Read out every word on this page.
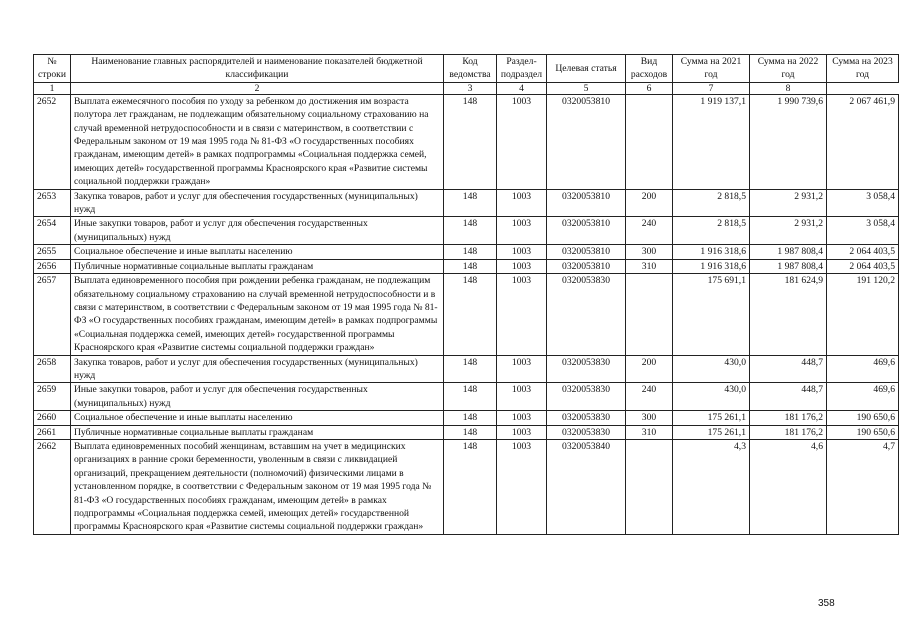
№ строки	Наименование главных распорядителей и наименование показателей бюджетной классификации	Код ведомства	Раздел-подраздел	Целевая статья	Вид расходов	Сумма на 2021 год	Сумма на 2022 год	Сумма на 2023 год
1	2	3	4	5	6	7	8	
2652	Выплата ежемесячного пособия по уходу за ребенком до достижения им возраста полутора лет гражданам, не подлежащим обязательному социальному страхованию на случай временной нетрудоспособности и в связи с материнством, в соответствии с Федеральным законом от 19 мая 1995 года № 81-ФЗ «О государственных пособиях гражданам, имеющим детей» в рамках подпрограммы «Социальная поддержка семей, имеющих детей» государственной программы Красноярского края «Развитие системы социальной поддержки граждан»	148	1003	0320053810		1 919 137,1	1 990 739,6	2 067 461,9
2653	Закупка товаров, работ и услуг для обеспечения государственных (муниципальных) нужд	148	1003	0320053810	200	2 818,5	2 931,2	3 058,4
2654	Иные закупки товаров, работ и услуг для обеспечения государственных (муниципальных) нужд	148	1003	0320053810	240	2 818,5	2 931,2	3 058,4
2655	Социальное обеспечение и иные выплаты населению	148	1003	0320053810	300	1 916 318,6	1 987 808,4	2 064 403,5
2656	Публичные нормативные социальные выплаты гражданам	148	1003	0320053810	310	1 916 318,6	1 987 808,4	2 064 403,5
2657	Выплата единовременного пособия при рождении ребенка гражданам, не подлежащим обязательному социальному страхованию на случай временной нетрудоспособности и в связи с материнством, в соответствии с Федеральным законом от 19 мая 1995 года № 81-ФЗ «О государственных пособиях гражданам, имеющим детей» в рамках подпрограммы «Социальная поддержка семей, имеющих детей» государственной программы Красноярского края «Развитие системы социальной поддержки граждан»	148	1003	0320053830		175 691,1	181 624,9	191 120,2
2658	Закупка товаров, работ и услуг для обеспечения государственных (муниципальных) нужд	148	1003	0320053830	200	430,0	448,7	469,6
2659	Иные закупки товаров, работ и услуг для обеспечения государственных (муниципальных) нужд	148	1003	0320053830	240	430,0	448,7	469,6
2660	Социальное обеспечение и иные выплаты населению	148	1003	0320053830	300	175 261,1	181 176,2	190 650,6
2661	Публичные нормативные социальные выплаты гражданам	148	1003	0320053830	310	175 261,1	181 176,2	190 650,6
2662	Выплата единовременных пособий женщинам, вставшим на учет в медицинских организациях в ранние сроки беременности, уволенным в связи с ликвидацией организаций, прекращением деятельности (полномочий) физическими лицами в установленном порядке, в соответствии с Федеральным законом от 19 мая 1995 года № 81-ФЗ «О государственных пособиях гражданам, имеющим детей» в рамках подпрограммы «Социальная поддержка семей, имеющих детей» государственной программы Красноярского края «Развитие системы социальной поддержки граждан»	148	1003	0320053840		4,3	4,6	4,7
358
